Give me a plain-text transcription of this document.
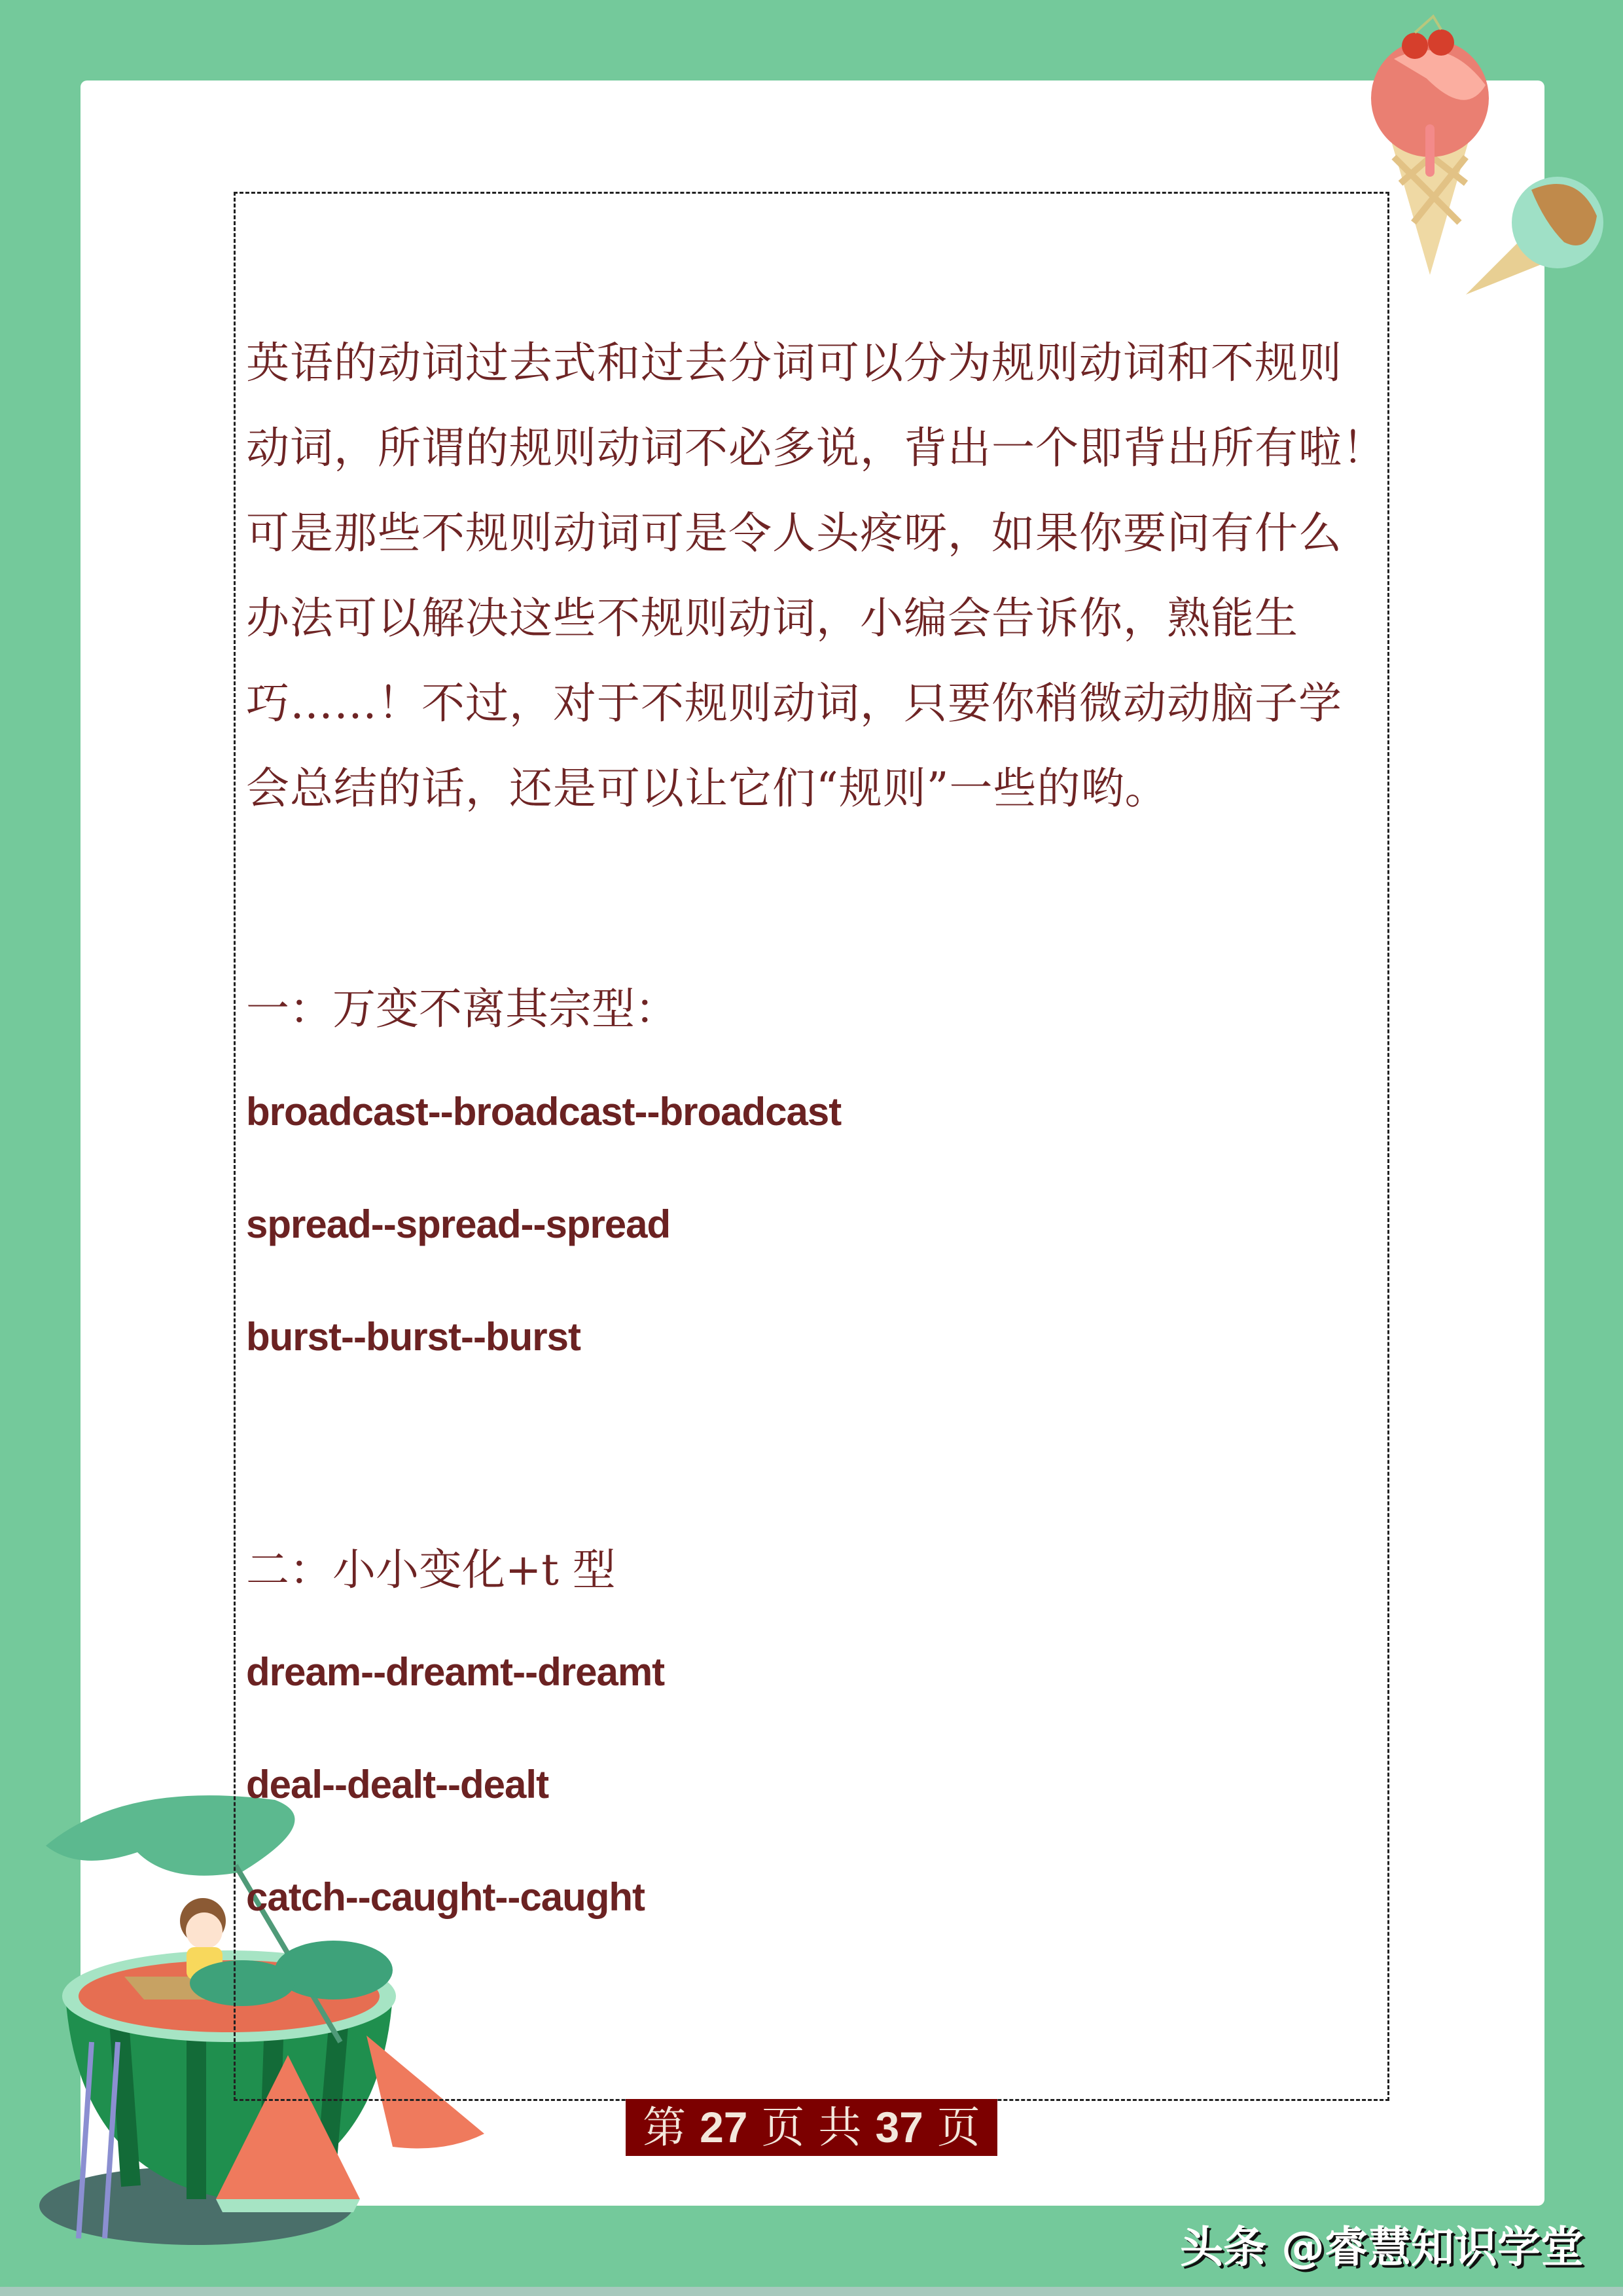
英语的动词过去式和过去分词可以分为规则动词和不规则
动词，所谓的规则动词不必多说，背出一个即背出所有啦！
可是那些不规则动词可是令人头疼呀，如果你要问有什么
办法可以解决这些不规则动词，小编会告诉你，熟能生
巧……！不过，对于不规则动词，只要你稍微动动脑子学
会总结的话，还是可以让它们“规则”一些的哟。
一：万变不离其宗型：
broadcast--broadcast--broadcast
spread--spread--spread
burst--burst--burst
二：小小变化+t 型
dream--dreamt--dreamt
deal--dealt--dealt
catch--caught--caught
第 27 页 共 37 页
头条 @睿慧知识学堂
